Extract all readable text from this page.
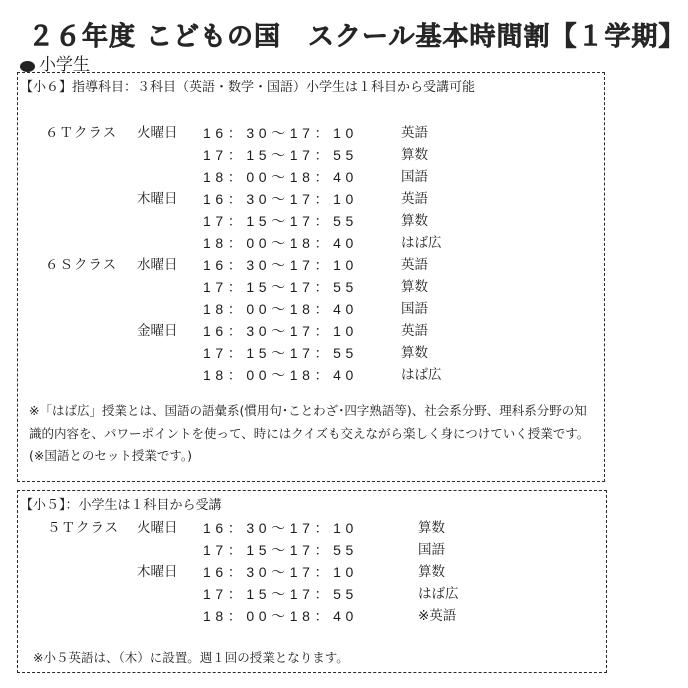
２６年度 こどもの国　スクール基本時間割【１学期】
小学生
【小６】指導科目：３科目（英語・数学・国語）小学生は１科目から受講可能
６Ｔクラス 火曜日 16：30～17：10	英語
17：15～17：55	算数
18：00～18：40	国語
木曜日 16：30～17：10	英語
17：15～17：55	算数
18：00～18：40	はば広
６Ｓクラス 水曜日 16：30～17：10	英語
17：15～17：55	算数
18：00～18：40	国語
金曜日 16：30～17：10	英語
17：15～17：55	算数
18：00～18：40	はば広
※「はば広」授業とは、国語の語彙系(慣用句･ことわざ･四字熟語等)、社会系分野、理科系分野の知識的内容を、パワーポイントを使って、時にはクイズも交えながら楽しく身につけていく授業です。(※国語とのセット授業です。)
【小５】：小学生は１科目から受講
５Ｔクラス 火曜日 16：30～17：10	算数
17：15～17：55	国語
木曜日 16：30～17：10	算数
17：15～17：55	はば広
18：00～18：40	※英語
※小５英語は、（木）に設置。週１回の授業となります。
